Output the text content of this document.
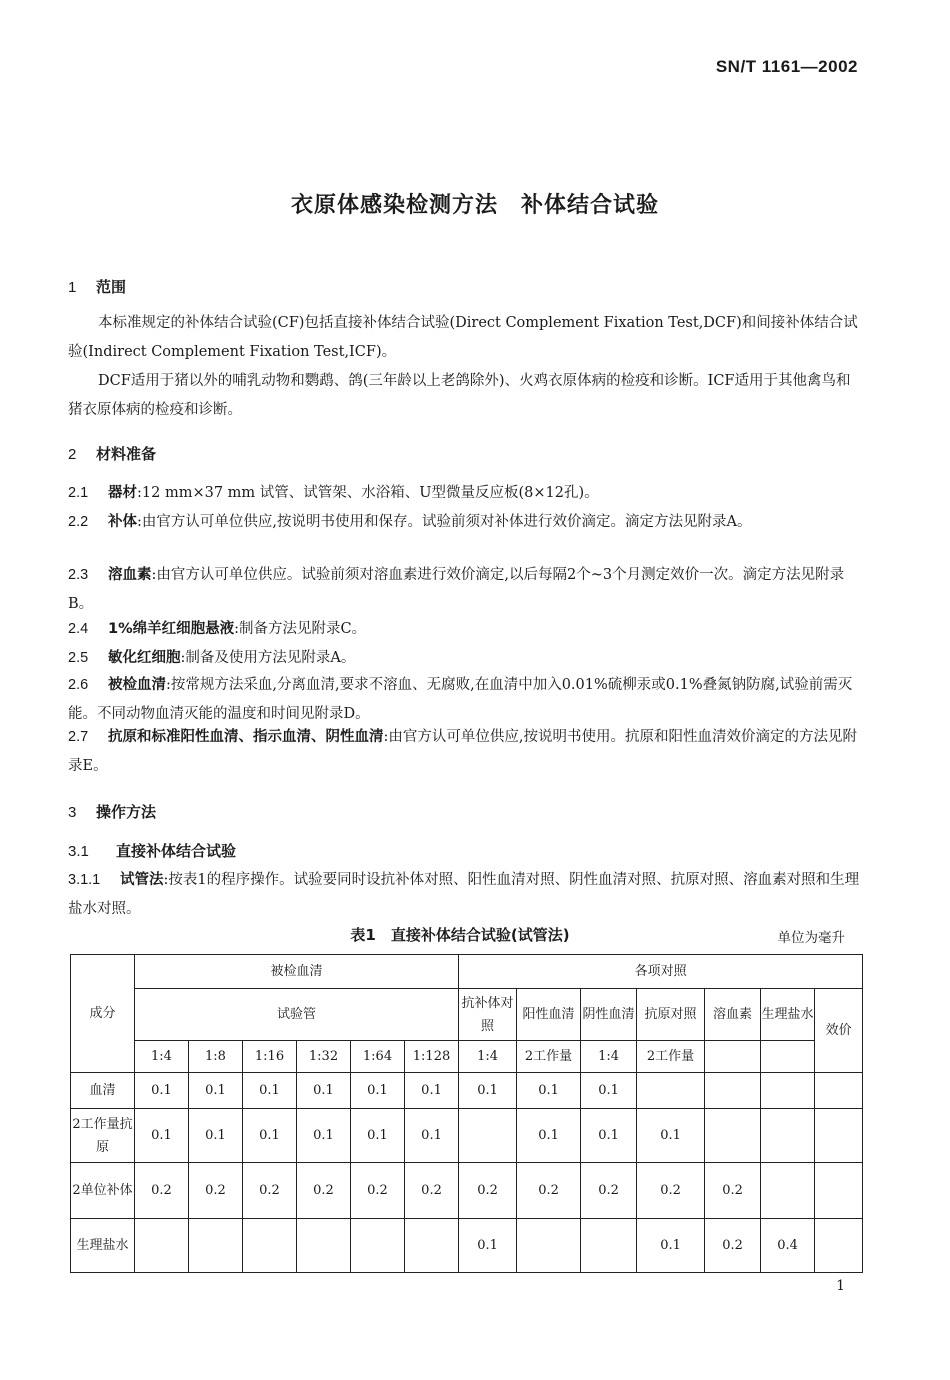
SN/T 1161—2002
衣原体感染检测方法　补体结合试验
1 范围

本标准规定的补体结合试验(CF)包括直接补体结合试验(Direct Complement Fixation Test,DCF)和间接补体结合试验(Indirect Complement Fixation Test,ICF)。

DCF适用于猪以外的哺乳动物和鹦鹉、鸽(三年龄以上老鸽除外)、火鸡衣原体病的检疫和诊断。ICF适用于其他禽鸟和猪衣原体病的检疫和诊断。

2 材料准备

2.1 器材:12 mm×37 mm 试管、试管架、水浴箱、U型微量反应板(8×12孔)。

2.2 补体:由官方认可单位供应,按说明书使用和保存。试验前须对补体进行效价滴定。滴定方法见附录A。

2.3 溶血素:由官方认可单位供应。试验前须对溶血素进行效价滴定,以后每隔2个~3个月测定效价一次。滴定方法见附录B。

2.4 1%绵羊红细胞悬液:制备方法见附录C。

2.5 敏化红细胞:制备及使用方法见附录A。

2.6 被检血清:按常规方法采血,分离血清,要求不溶血、无腐败,在血清中加入0.01%硫柳汞或0.1%叠氮钠防腐,试验前需灭能。不同动物血清灭能的温度和时间见附录D。

2.7 抗原和标准阳性血清、指示血清、阴性血清:由官方认可单位供应,按说明书使用。抗原和阳性血清效价滴定的方法见附录E。

3 操作方法
3.1 直接补体结合试验

3.1.1 试管法:按表1的程序操作。试验要同时设抗补体对照、阳性血清对照、阴性血清对照、抗原对照、溶血素对照和生理盐水对照。

表1　直接补体结合试验(试管法)	单位为毫升
成分	被检血清						各项对照						
	试验管						抗补体对照	阳性血清	阴性血清	抗原对照	溶血素	生理盐水	效价
	1:4	1:8	1:16	1:32	1:64	1:128	1:4	2工作量	1:4	2工作量			
血清	0.1	0.1	0.1	0.1	0.1	0.1	0.1	0.1	0.1				
2工作量抗原	0.1	0.1	0.1	0.1	0.1	0.1		0.1	0.1	0.1			
2单位补体	0.2	0.2	0.2	0.2	0.2	0.2	0.2	0.2	0.2	0.2	0.2		
生理盐水							0.1			0.1	0.2	0.4	
1
